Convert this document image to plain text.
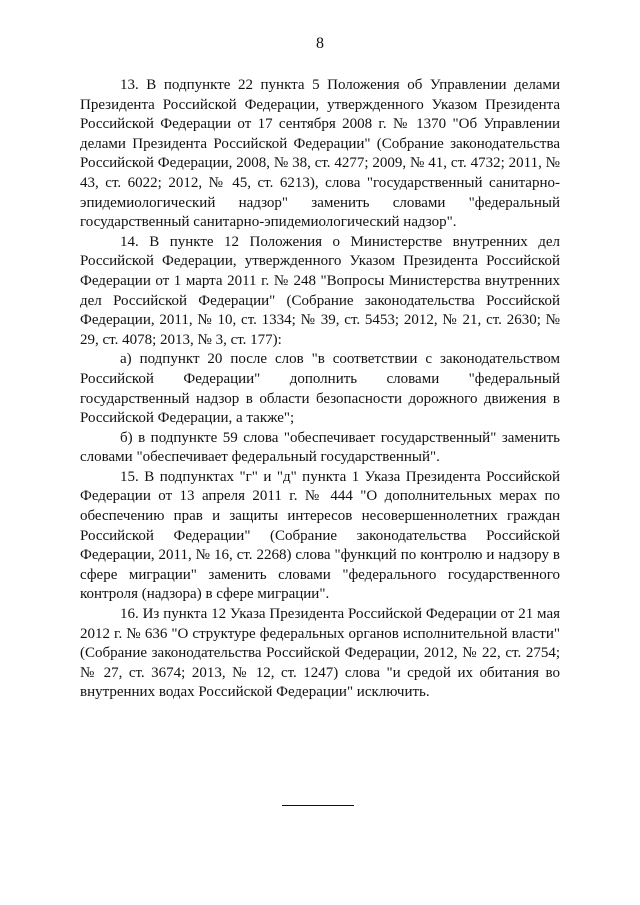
8

13. В подпункте 22 пункта 5 Положения об Управлении делами Президента Российской Федерации, утвержденного Указом Президента Российской Федерации от 17 сентября 2008 г. № 1370 "Об Управлении делами Президента Российской Федерации" (Собрание законодательства Российской Федерации, 2008, № 38, ст. 4277; 2009, № 41, ст. 4732; 2011, № 43, ст. 6022; 2012, № 45, ст. 6213), слова "государственный санитарно-эпидемиологический надзор" заменить словами "федеральный государственный санитарно-эпидемиологический надзор".

14. В пункте 12 Положения о Министерстве внутренних дел Российской Федерации, утвержденного Указом Президента Российской Федерации от 1 марта 2011 г. № 248 "Вопросы Министерства внутренних дел Российской Федерации" (Собрание законодательства Российской Федерации, 2011, № 10, ст. 1334; № 39, ст. 5453; 2012, № 21, ст. 2630; № 29, ст. 4078; 2013, № 3, ст. 177):

а) подпункт 20 после слов "в соответствии с законодательством Российской Федерации" дополнить словами "федеральный государственный надзор в области безопасности дорожного движения в Российской Федерации, а также";

б) в подпункте 59 слова "обеспечивает государственный" заменить словами "обеспечивает федеральный государственный".

15. В подпунктах "г" и "д" пункта 1 Указа Президента Российской Федерации от 13 апреля 2011 г. № 444 "О дополнительных мерах по обеспечению прав и защиты интересов несовершеннолетних граждан Российской Федерации" (Собрание законодательства Российской Федерации, 2011, № 16, ст. 2268) слова "функций по контролю и надзору в сфере миграции" заменить словами "федерального государственного контроля (надзора) в сфере миграции".

16. Из пункта 12 Указа Президента Российской Федерации от 21 мая 2012 г. № 636 "О структуре федеральных органов исполнительной власти" (Собрание законодательства Российской Федерации, 2012, № 22, ст. 2754; № 27, ст. 3674; 2013, № 12, ст. 1247) слова "и средой их обитания во внутренних водах Российской Федерации" исключить.
